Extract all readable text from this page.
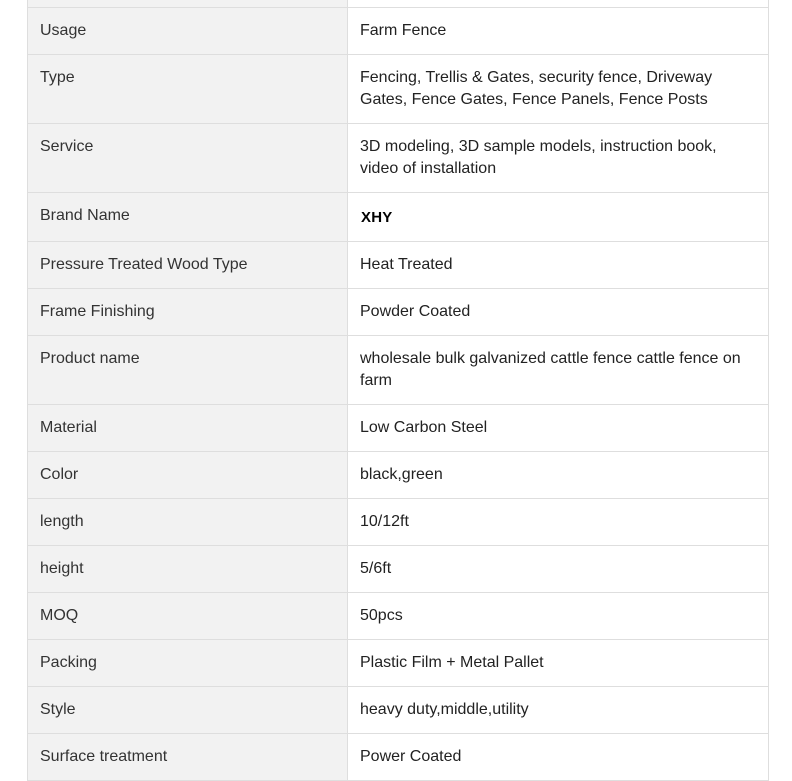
Usage	Farm Fence
Type	Fencing, Trellis & Gates, security fence, Driveway Gates, Fence Gates, Fence Panels, Fence Posts
Service	3D modeling, 3D sample models, instruction book, video of installation
Brand Name	XHY
Pressure Treated Wood Type	Heat Treated
Frame Finishing	Powder Coated
Product name	wholesale bulk galvanized cattle fence cattle fence on farm
Material	Low Carbon Steel
Color	black,green
length	10/12ft
height	5/6ft
MOQ	50pcs
Packing	Plastic Film + Metal Pallet
Style	heavy duty,middle,utility
Surface treatment	Power Coated
